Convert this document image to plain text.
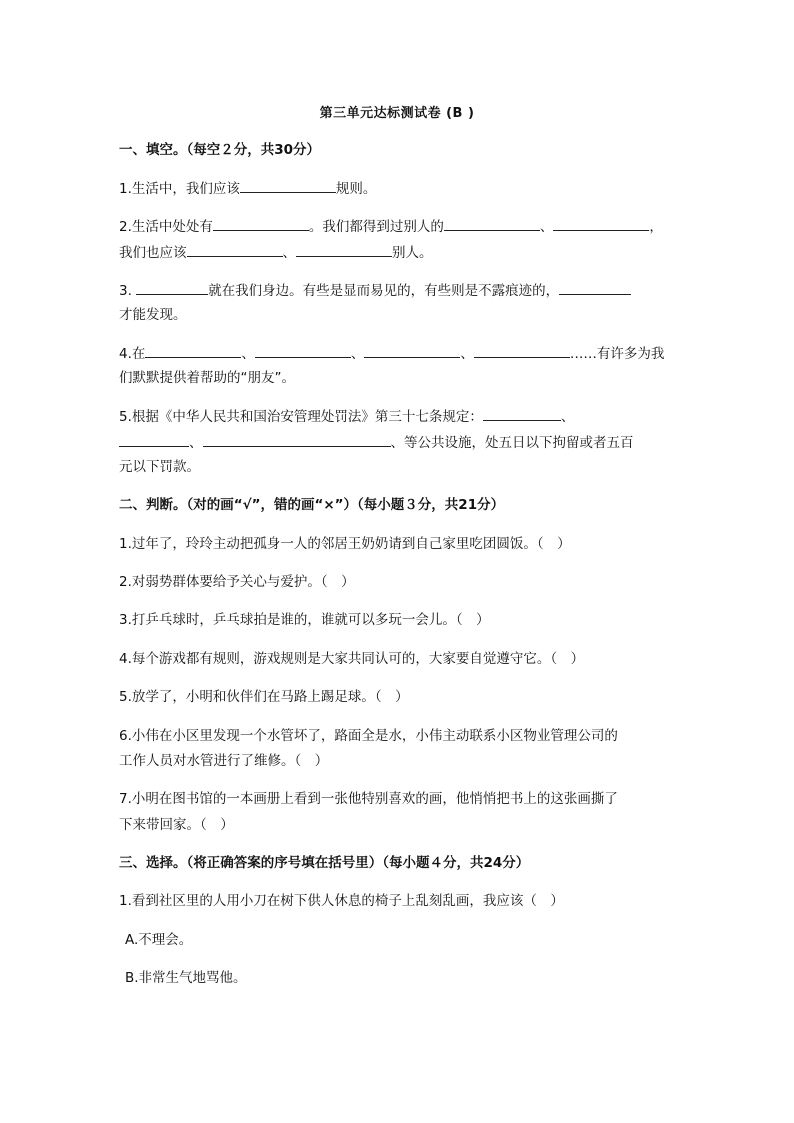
第三单元达标测试卷 (B )
一、填空。（每空２分，共30分）
1.生活中，我们应该	规则。
2.生活中处处有	。我们都得到过别人的	、	，
我们也应该	、	别人。
3.	就在我们身边。有些是显而易见的，有些则是不露痕迹的，
才能发现。
4.在	、	、	、	……有许多为我
们默默提供着帮助的“朋友”。
5.根据《中华人民共和国治安管理处罚法》第三十七条规定：	、
、	、等公共设施，处五日以下拘留或者五百
元以下罚款。
二、判断。（对的画“√”，错的画“×”）（每小题３分，共21分）
1.过年了，玲玲主动把孤身一人的邻居王奶奶请到自己家里吃团圆饭。（　）
2.对弱势群体要给予关心与爱护。（　）
3.打乒乓球时，乒乓球拍是谁的，谁就可以多玩一会儿。（　）
4.每个游戏都有规则，游戏规则是大家共同认可的，大家要自觉遵守它。（　）
5.放学了，小明和伙伴们在马路上踢足球。（　）
6.小伟在小区里发现一个水管坏了，路面全是水，小伟主动联系小区物业管理公司的
工作人员对水管进行了维修。（　）
7.小明在图书馆的一本画册上看到一张他特别喜欢的画，他悄悄把书上的这张画撕了
下来带回家。（　）
三、选择。（将正确答案的序号填在括号里）（每小题４分，共24分）
1.看到社区里的人用小刀在树下供人休息的椅子上乱刻乱画，我应该（　）
A.不理会。
B.非常生气地骂他。
